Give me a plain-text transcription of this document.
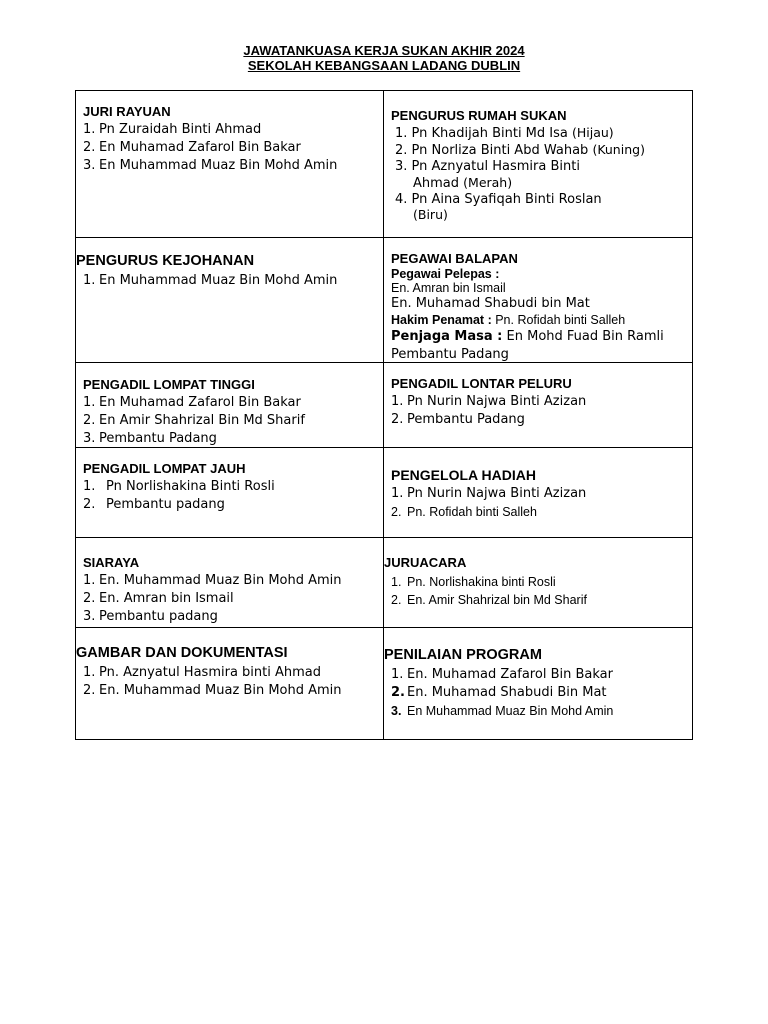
JAWATANKUASA KERJA SUKAN AKHIR 2024
SEKOLAH KEBANGSAAN LADANG DUBLIN
JURI RAYUAN
1. Pn Zuraidah Binti Ahmad
2. En Muhamad Zafarol Bin Bakar
3. En Muhammad Muaz Bin Mohd Amin
PENGURUS RUMAH SUKAN
1. Pn Khadijah Binti Md Isa (Hijau)
2. Pn Norliza Binti Abd Wahab (Kuning)
3. Pn Aznyatul Hasmira Binti
Ahmad (Merah)
4. Pn Aina Syafiqah Binti Roslan
(Biru)
PENGURUS KEJOHANAN
1. En Muhammad Muaz Bin Mohd Amin
PEGAWAI BALAPAN
Pegawai Pelepas :
En. Amran bin Ismail
En. Muhamad Shabudi bin Mat
Hakim Penamat : Pn. Rofidah binti Salleh
Penjaga Masa : En Mohd Fuad Bin Ramli
Pembantu Padang
PENGADIL LOMPAT TINGGI
1. En Muhamad Zafarol Bin Bakar
2. En Amir Shahrizal Bin Md Sharif
3. Pembantu Padang
PENGADIL LONTAR PELURU
1. Pn Nurin Najwa Binti Azizan
2. Pembantu Padang
PENGADIL LOMPAT JAUH
1. Pn Norlishakina Binti Rosli
2. Pembantu padang
PENGELOLA HADIAH
1. Pn Nurin Najwa Binti Azizan
2. Pn. Rofidah binti Salleh
SIARAYA
1. En. Muhammad Muaz Bin Mohd Amin
2. En. Amran bin Ismail
3. Pembantu padang
JURUACARA
1. Pn. Norlishakina binti Rosli
2. En. Amir Shahrizal bin Md Sharif
GAMBAR DAN DOKUMENTASI
1. Pn. Aznyatul Hasmira binti Ahmad
2. En. Muhammad Muaz Bin Mohd Amin
PENILAIAN PROGRAM
1. En. Muhamad Zafarol Bin Bakar
2. En. Muhamad Shabudi Bin Mat
3. En Muhammad Muaz Bin Mohd Amin
